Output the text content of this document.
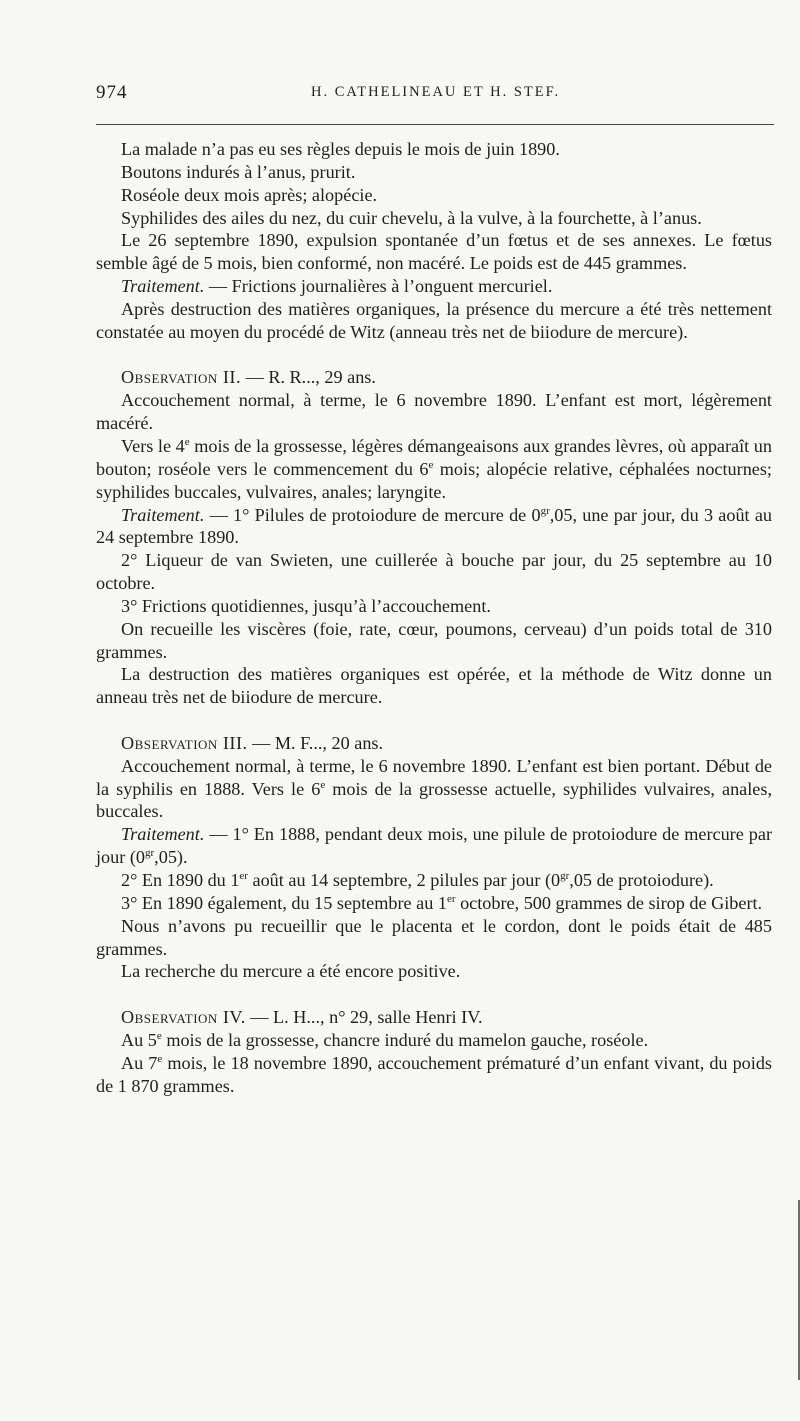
974	H. CATHELINEAU ET H. STEF.

La malade n’a pas eu ses règles depuis le mois de juin 1890.

Boutons indurés à l’anus, prurit.

Roséole deux mois après; alopécie.

Syphilides des ailes du nez, du cuir chevelu, à la vulve, à la fourchette, à l’anus.

Le 26 septembre 1890, expulsion spontanée d’un fœtus et de ses annexes. Le fœtus semble âgé de 5 mois, bien conformé, non macéré. Le poids est de 445 grammes.

Traitement. — Frictions journalières à l’onguent mercuriel.

Après destruction des matières organiques, la présence du mercure a été très nettement constatée au moyen du procédé de Witz (anneau très net de biiodure de mercure).

Observation II. — R. R..., 29 ans.

Accouchement normal, à terme, le 6 novembre 1890. L’enfant est mort, légèrement macéré.

Vers le 4e mois de la grossesse, légères démangeaisons aux grandes lèvres, où apparaît un bouton; roséole vers le commencement du 6e mois; alopécie relative, céphalées nocturnes; syphilides buccales, vulvaires, anales; laryngite.

Traitement. — 1° Pilules de protoiodure de mercure de $0^{gr},05$, une par jour, du 3 août au 24 septembre 1890.

2° Liqueur de van Swieten, une cuillerée à bouche par jour, du 25 septembre au 10 octobre.

3° Frictions quotidiennes, jusqu’à l’accouchement.

On recueille les viscères (foie, rate, cœur, poumons, cerveau) d’un poids total de 310 grammes.

La destruction des matières organiques est opérée, et la méthode de Witz donne un anneau très net de biiodure de mercure.

Observation III. — M. F..., 20 ans.

Accouchement normal, à terme, le 6 novembre 1890. L’enfant est bien portant. Début de la syphilis en 1888. Vers le 6e mois de la grossesse actuelle, syphilides vulvaires, anales, buccales.

Traitement. — 1° En 1888, pendant deux mois, une pilule de protoiodure de mercure par jour $(0^{gr},05)$.

2° En 1890 du 1er août au 14 septembre, 2 pilules par jour ($0^{gr},05$ de protoiodure).

3° En 1890 également, du 15 septembre au 1er octobre, 500 grammes de sirop de Gibert.

Nous n’avons pu recueillir que le placenta et le cordon, dont le poids était de 485 grammes.

La recherche du mercure a été encore positive.

Observation IV. — L. H..., n° 29, salle Henri IV.

Au 5e mois de la grossesse, chancre induré du mamelon gauche, roséole.

Au 7e mois, le 18 novembre 1890, accouchement prématuré d’un enfant vivant, du poids de 1 870 grammes.
